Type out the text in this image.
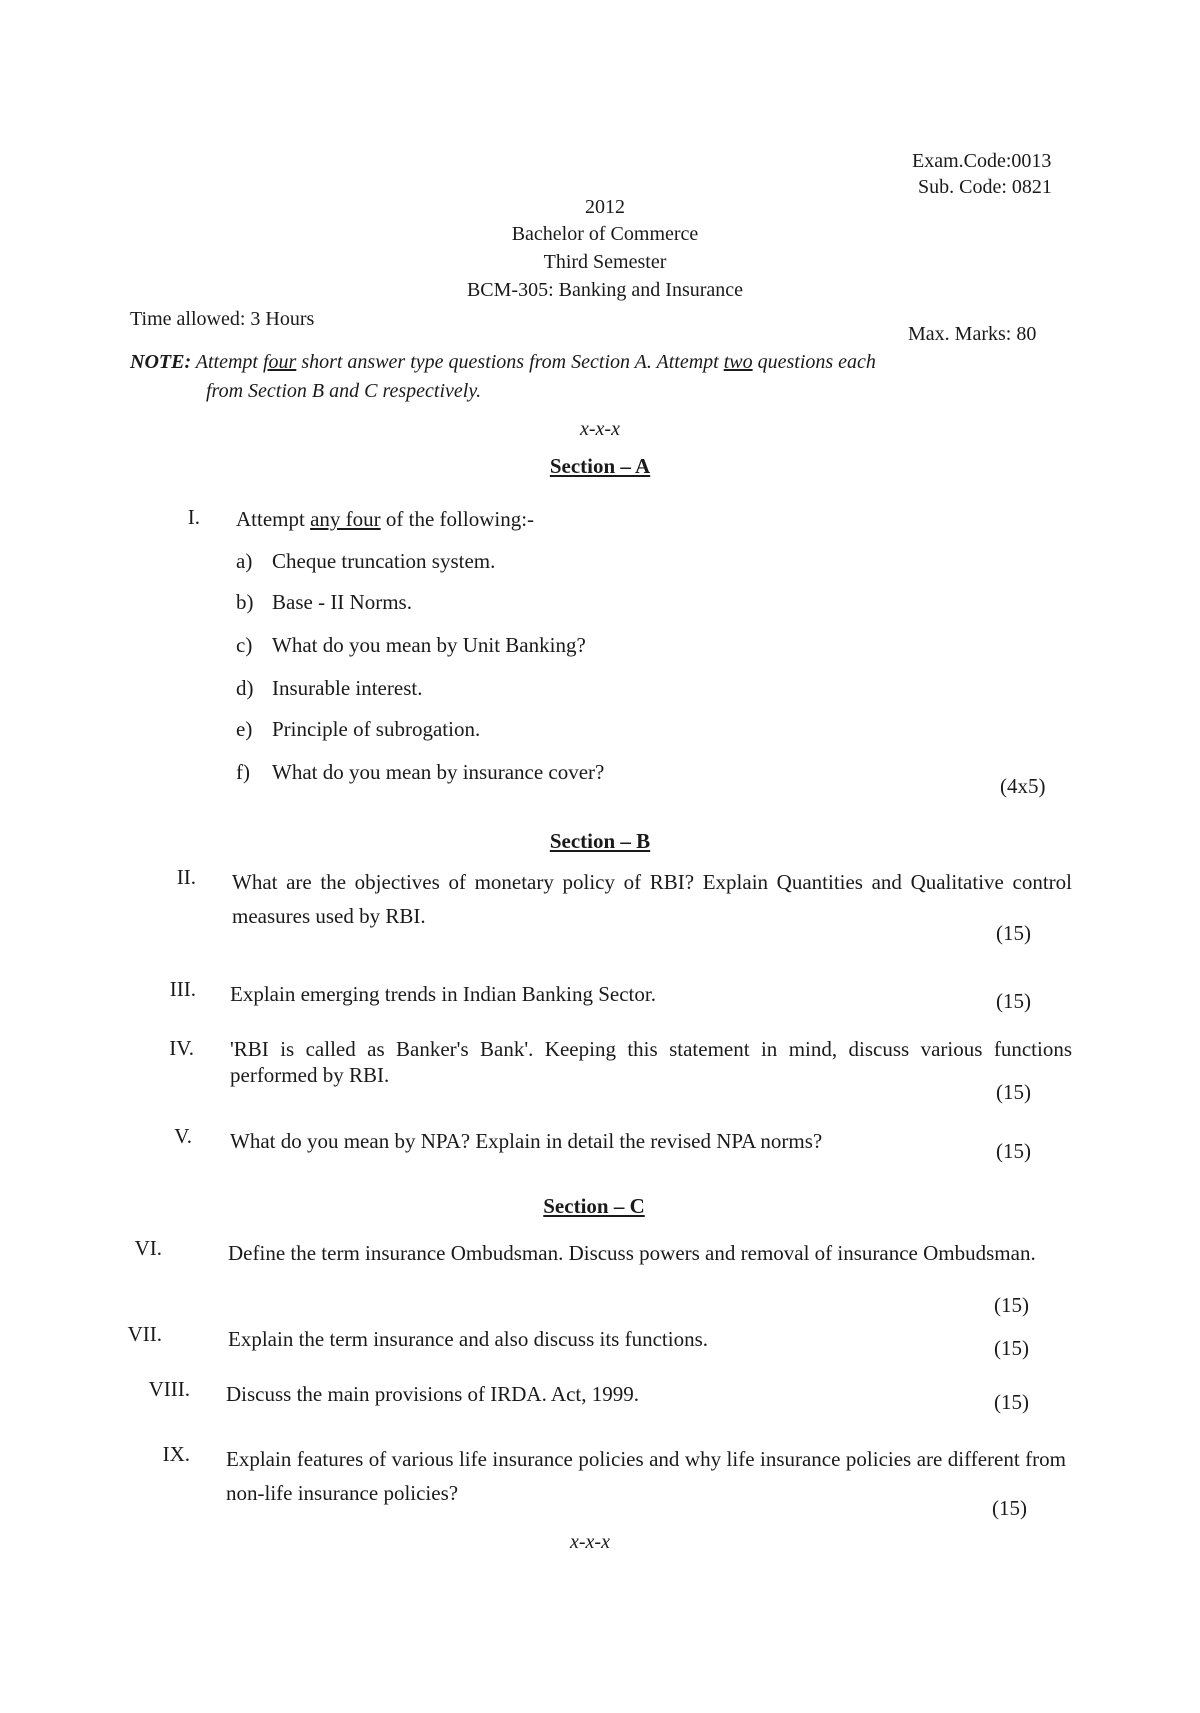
Exam.Code:0013
Sub. Code: 0821
2012
Bachelor of Commerce
Third Semester
BCM-305: Banking and Insurance
Time allowed: 3 Hours
Max. Marks: 80
NOTE: Attempt four short answer type questions from Section A. Attempt two questions each
from Section B and C respectively.
x-x-x
Section – A
I. Attempt any four of the following:-
a) Cheque truncation system.
b) Base - II Norms.
c) What do you mean by Unit Banking?
d) Insurable interest.
e) Principle of subrogation.
f) What do you mean by insurance cover?
(4x5)
Section – B
II. What are the objectives of monetary policy of RBI? Explain Quantities and Qualitative control measures used by RBI.
(15)
III. Explain emerging trends in Indian Banking Sector.	(15)
IV. 'RBI is called as Banker's Bank'. Keeping this statement in mind, discuss various functions performed by RBI.
(15)
V. What do you mean by NPA? Explain in detail the revised NPA norms?	(15)
Section – C
VI.	Define the term insurance Ombudsman. Discuss powers and removal of insurance Ombudsman.
(15)
VII.	Explain the term insurance and also discuss its functions.	(15)
VIII. Discuss the main provisions of IRDA. Act, 1999.	(15)
IX. Explain features of various life insurance policies and why life insurance policies are different from non-life insurance policies?
(15)
x-x-x
